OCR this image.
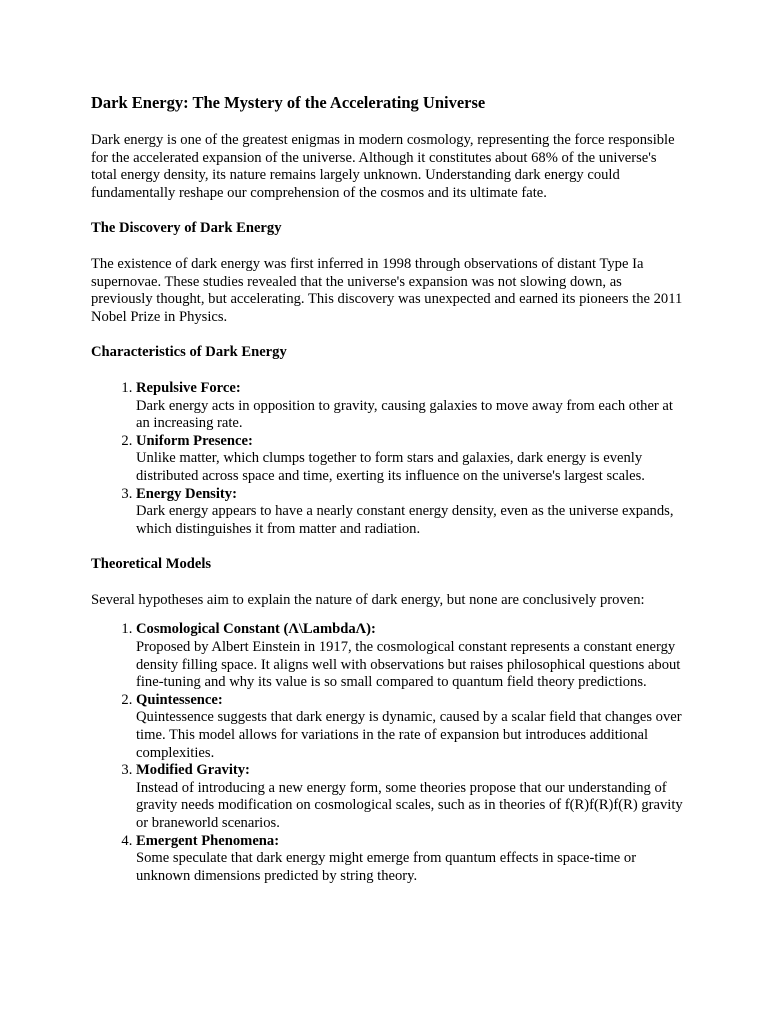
Dark Energy: The Mystery of the Accelerating Universe

Dark energy is one of the greatest enigmas in modern cosmology, representing the force responsible for the accelerated expansion of the universe. Although it constitutes about 68% of the universe's total energy density, its nature remains largely unknown. Understanding dark energy could fundamentally reshape our comprehension of the cosmos and its ultimate fate.

The Discovery of Dark Energy

The existence of dark energy was first inferred in 1998 through observations of distant Type Ia supernovae. These studies revealed that the universe's expansion was not slowing down, as previously thought, but accelerating. This discovery was unexpected and earned its pioneers the 2011 Nobel Prize in Physics.

Characteristics of Dark Energy
1. Repulsive Force:
Dark energy acts in opposition to gravity, causing galaxies to move away from each other at an increasing rate.
2. Uniform Presence:
Unlike matter, which clumps together to form stars and galaxies, dark energy is evenly distributed across space and time, exerting its influence on the universe's largest scales.
3. Energy Density:
Dark energy appears to have a nearly constant energy density, even as the universe expands, which distinguishes it from matter and radiation.
Theoretical Models

Several hypotheses aim to explain the nature of dark energy, but none are conclusively proven:

1. Cosmological Constant (Λ\LambdaΛ):
Proposed by Albert Einstein in 1917, the cosmological constant represents a constant energy density filling space. It aligns well with observations but raises philosophical questions about fine-tuning and why its value is so small compared to quantum field theory predictions.
2. Quintessence:
Quintessence suggests that dark energy is dynamic, caused by a scalar field that changes over time. This model allows for variations in the rate of expansion but introduces additional complexities.
3. Modified Gravity:
Instead of introducing a new energy form, some theories propose that our understanding of gravity needs modification on cosmological scales, such as in theories of f(R)f(R)f(R) gravity or braneworld scenarios.
4. Emergent Phenomena:
Some speculate that dark energy might emerge from quantum effects in space-time or unknown dimensions predicted by string theory.
